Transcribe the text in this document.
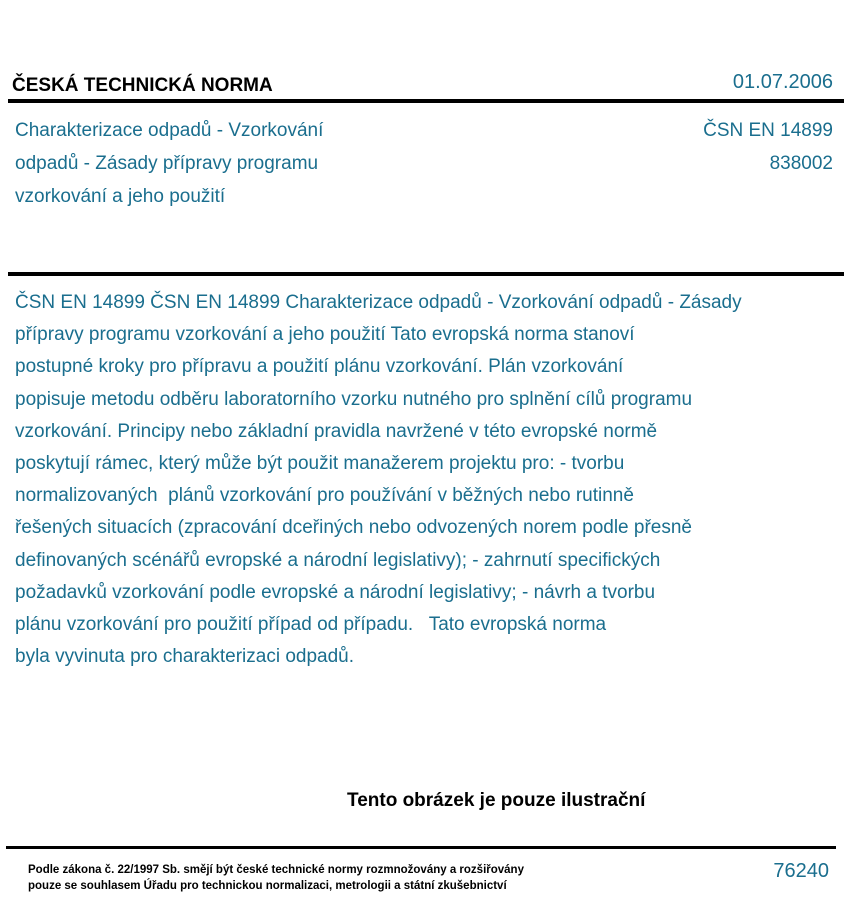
ČESKÁ TECHNICKÁ NORMA	01.07.2006
Charakterizace odpadů - Vzorkování
odpadů - Zásady přípravy programu
vzorkování a jeho použití
ČSN EN 14899
838002
ČSN EN 14899 ČSN EN 14899 Charakterizace odpadů - Vzorkování odpadů - Zásady
přípravy programu vzorkování a jeho použití Tato evropská norma stanoví
postupné kroky pro přípravu a použití plánu vzorkování. Plán vzorkování
popisuje metodu odběru laboratorního vzorku nutného pro splnění cílů programu
vzorkování. Principy nebo základní pravidla navržené v této evropské normě
poskytují rámec, který může být použit manažerem projektu pro: - tvorbu
normalizovaných  plánů vzorkování pro používání v běžných nebo rutinně
řešených situacích (zpracování dceřiných nebo odvozených norem podle přesně
definovaných scénářů evropské a národní legislativy); - zahrnutí specifických
požadavků vzorkování podle evropské a národní legislativy; - návrh a tvorbu
plánu vzorkování pro použití případ od případu.   Tato evropská norma
byla vyvinuta pro charakterizaci odpadů.
Tento obrázek je pouze ilustrační
Podle zákona č. 22/1997 Sb. smějí být české technické normy rozmnožovány a rozšiřovány
pouze se souhlasem Úřadu pro technickou normalizaci, metrologii a státní zkušebnictví
76240
